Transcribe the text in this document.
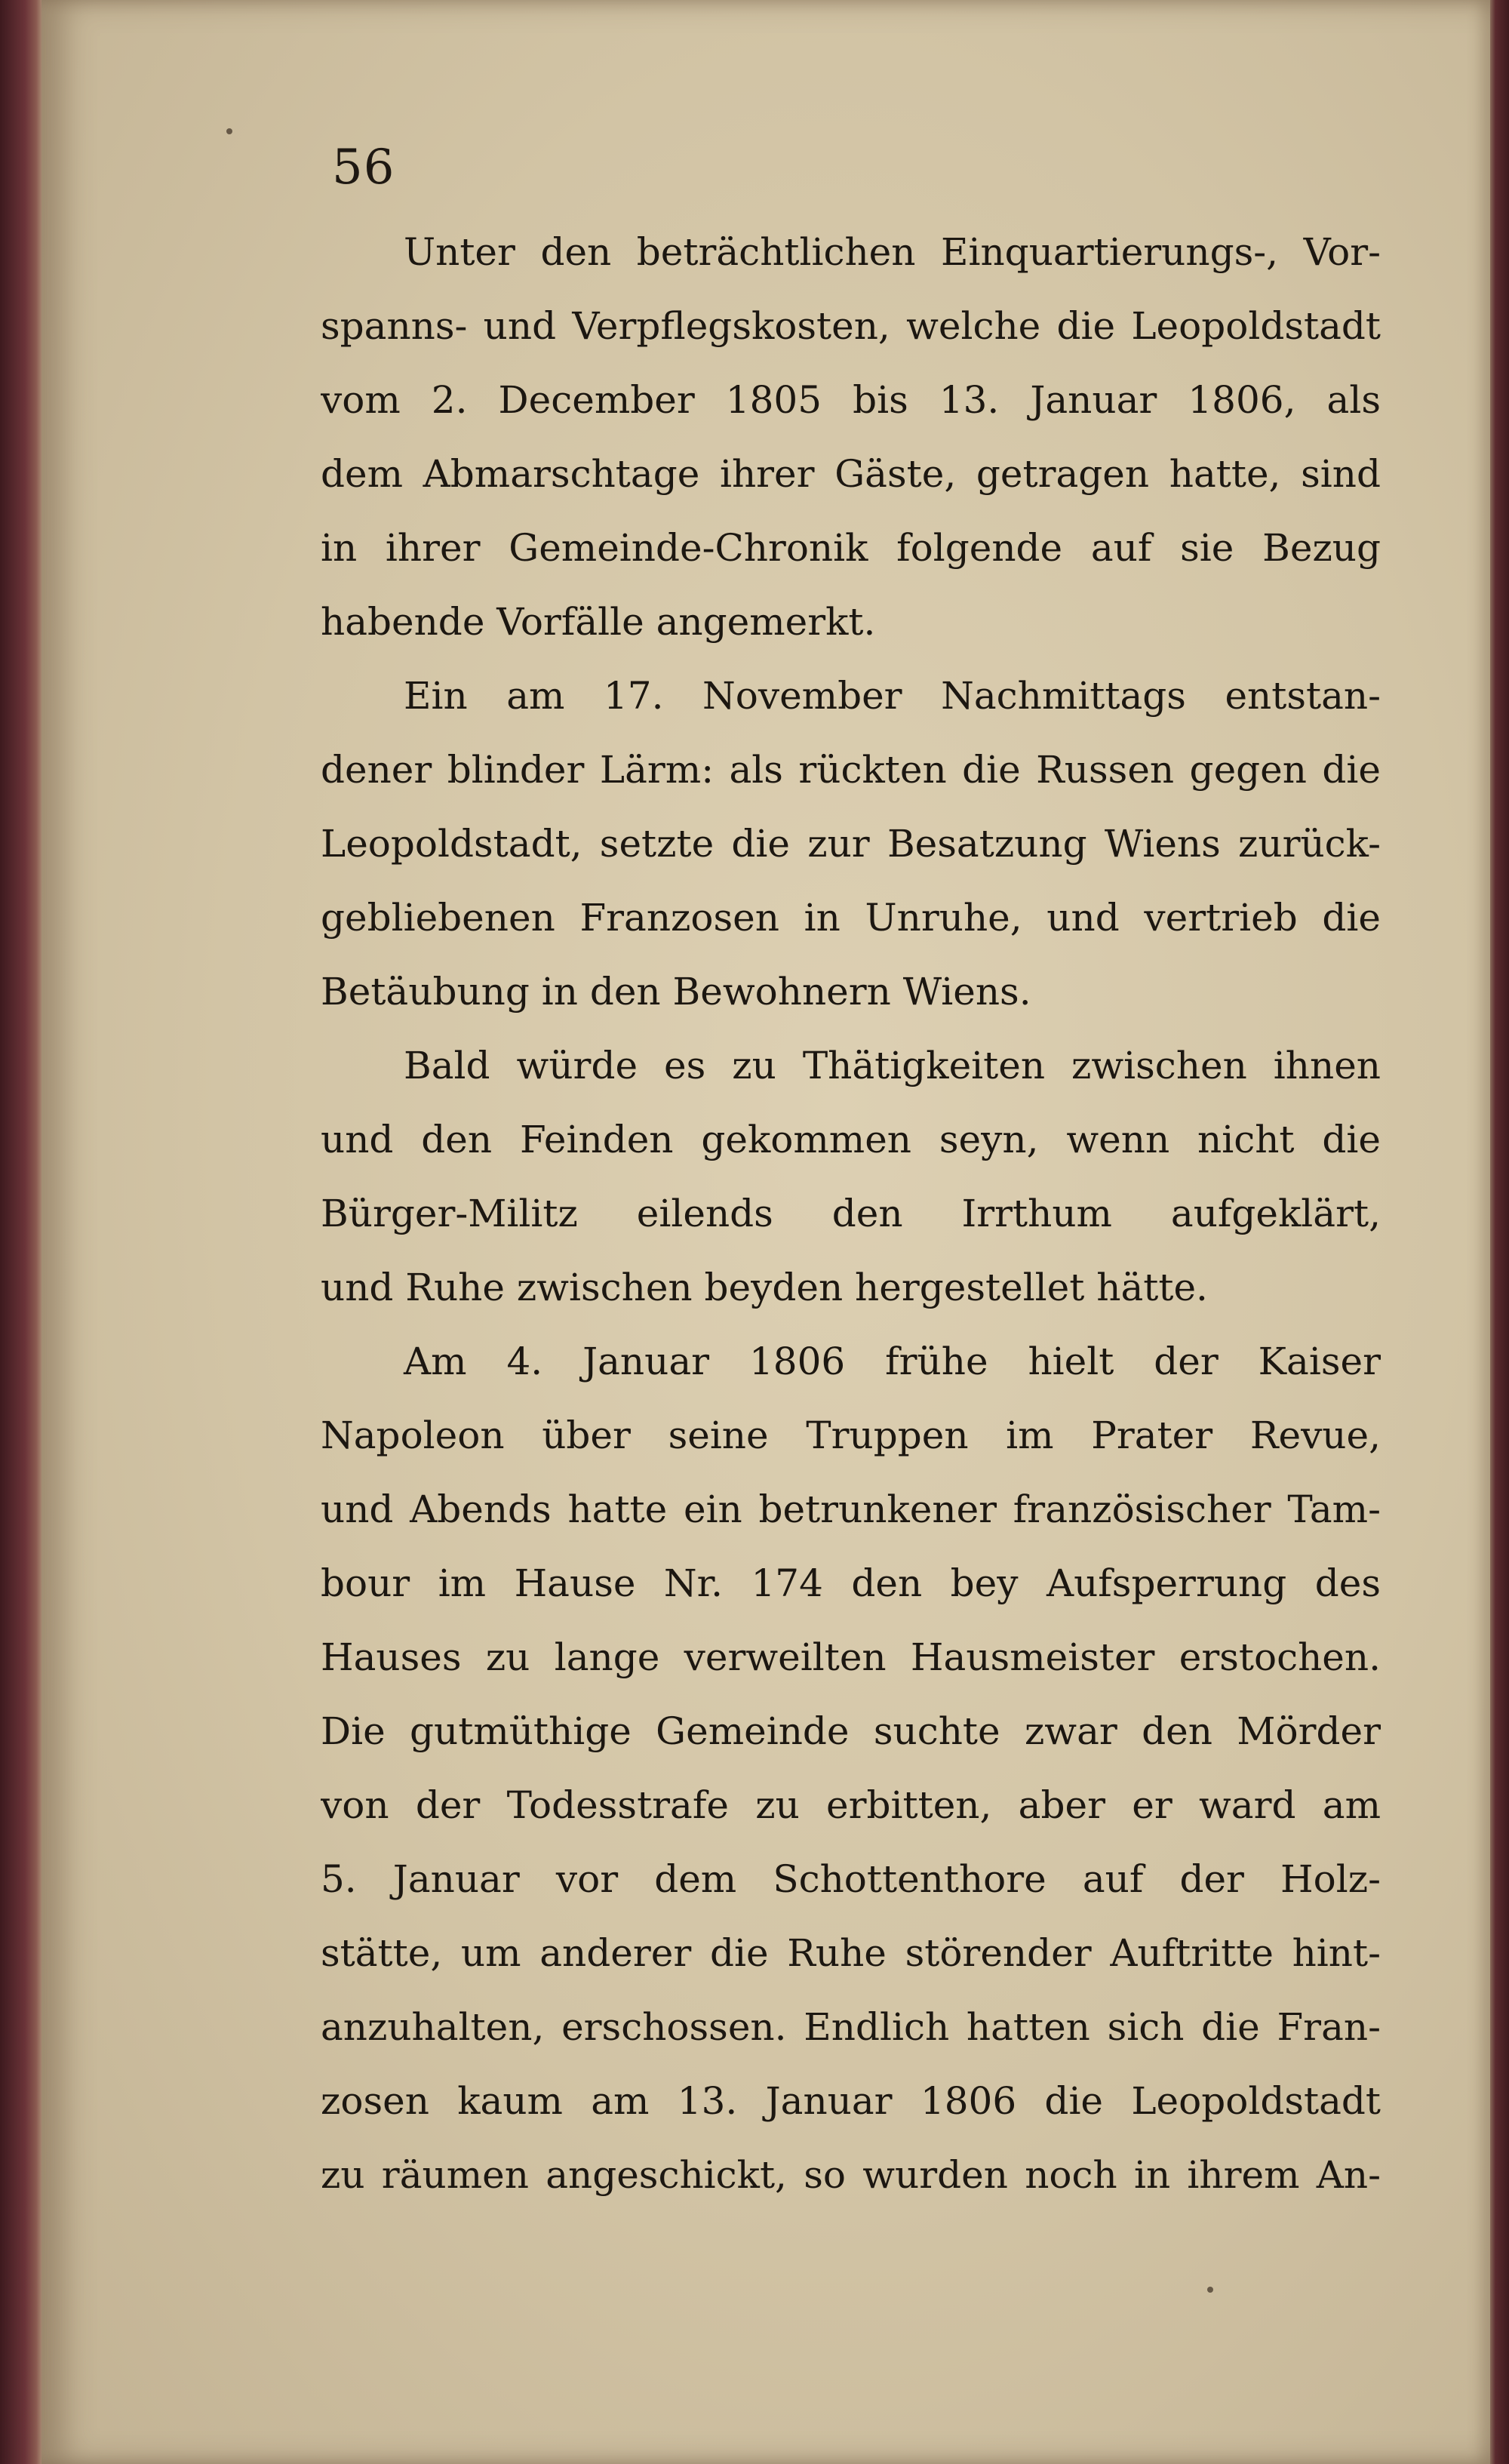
56
Unter den beträchtlichen Einquartierungs-, Vor-
spanns- und Verpflegskosten, welche die Leopoldstadt
vom 2. December 1805 bis 13. Januar 1806, als
dem Abmarschtage ihrer Gäste, getragen hatte, sind
in ihrer Gemeinde-Chronik folgende auf sie Bezug
habende Vorfälle angemerkt.
Ein am 17. November Nachmittags entstan-
dener blinder Lärm: als rückten die Russen gegen die
Leopoldstadt, setzte die zur Besatzung Wiens zurück-
gebliebenen Franzosen in Unruhe, und vertrieb die
Betäubung in den Bewohnern Wiens.
Bald würde es zu Thätigkeiten zwischen ihnen
und den Feinden gekommen seyn, wenn nicht die
Bürger-Militz eilends den Irrthum aufgeklärt,
und Ruhe zwischen beyden hergestellet hätte.
Am 4. Januar 1806 frühe hielt der Kaiser
Napoleon über seine Truppen im Prater Revue,
und Abends hatte ein betrunkener französischer Tam-
bour im Hause Nr. 174 den bey Aufsperrung des
Hauses zu lange verweilten Hausmeister erstochen.
Die gutmüthige Gemeinde suchte zwar den Mörder
von der Todesstrafe zu erbitten, aber er ward am
5. Januar vor dem Schottenthore auf der Holz-
stätte, um anderer die Ruhe störender Auftritte hint-
anzuhalten, erschossen. Endlich hatten sich die Fran-
zosen kaum am 13. Januar 1806 die Leopoldstadt
zu räumen angeschickt, so wurden noch in ihrem An-
